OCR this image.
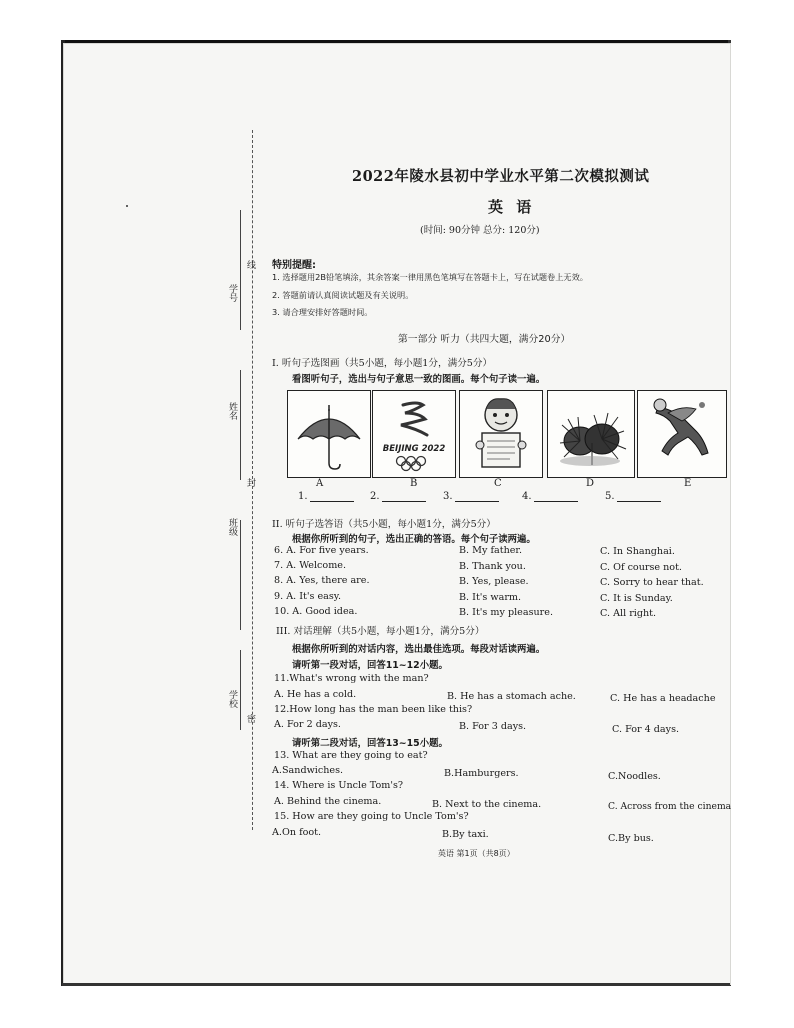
学号
姓名
班级
学校
线
封
密
2022年陵水县初中学业水平第二次模拟测试
英 语
(时间: 90分钟 总分: 120分)
特别提醒:
1. 选择题用2B铅笔填涂，其余答案一律用黑色笔填写在答题卡上，写在试题卷上无效。
2. 答题前请认真阅读试题及有关说明。
3. 请合理安排好答题时间。
第一部分 听力（共四大题，满分20分）
I. 听句子选图画（共5小题，每小题1分，满分5分）
看图听句子，选出与句子意思一致的图画。每个句子读一遍。
BEIJING 2022
A	B	C	D	E
1.	2.	3.	4.	5.
II. 听句子选答语（共5小题，每小题1分，满分5分）
根据你所听到的句子，选出正确的答语。每个句子读两遍。
6. A. For five years.	B. My father.	C. In Shanghai.
7. A. Welcome.	B. Thank you.	C. Of course not.
8. A. Yes, there are.	B. Yes, please.	C. Sorry to hear that.
9. A. It's easy.	B. It's warm.	C. It is Sunday.
10. A. Good idea.	B. It's my pleasure.	C. All right.
III. 对话理解（共5小题，每小题1分，满分5分）
根据你所听到的对话内容，选出最佳选项。每段对话读两遍。
请听第一段对话，回答11~12小题。
11.What's wrong with the man?
A. He has a cold.	B. He has a stomach ache.	C. He has a headache
12.How long has the man been like this?
A. For 2 days.	B. For 3 days.	C. For 4 days.
请听第二段对话，回答13~15小题。
13. What are they going to eat?
A.Sandwiches.	B.Hamburgers.	C.Noodles.
14. Where is Uncle Tom's?
A. Behind the cinema.	B. Next to the cinema.	C. Across from the cinema
15. How are they going to Uncle Tom's?
A.On foot.	B.By taxi.	C.By bus.
英语 第1页（共8页）
